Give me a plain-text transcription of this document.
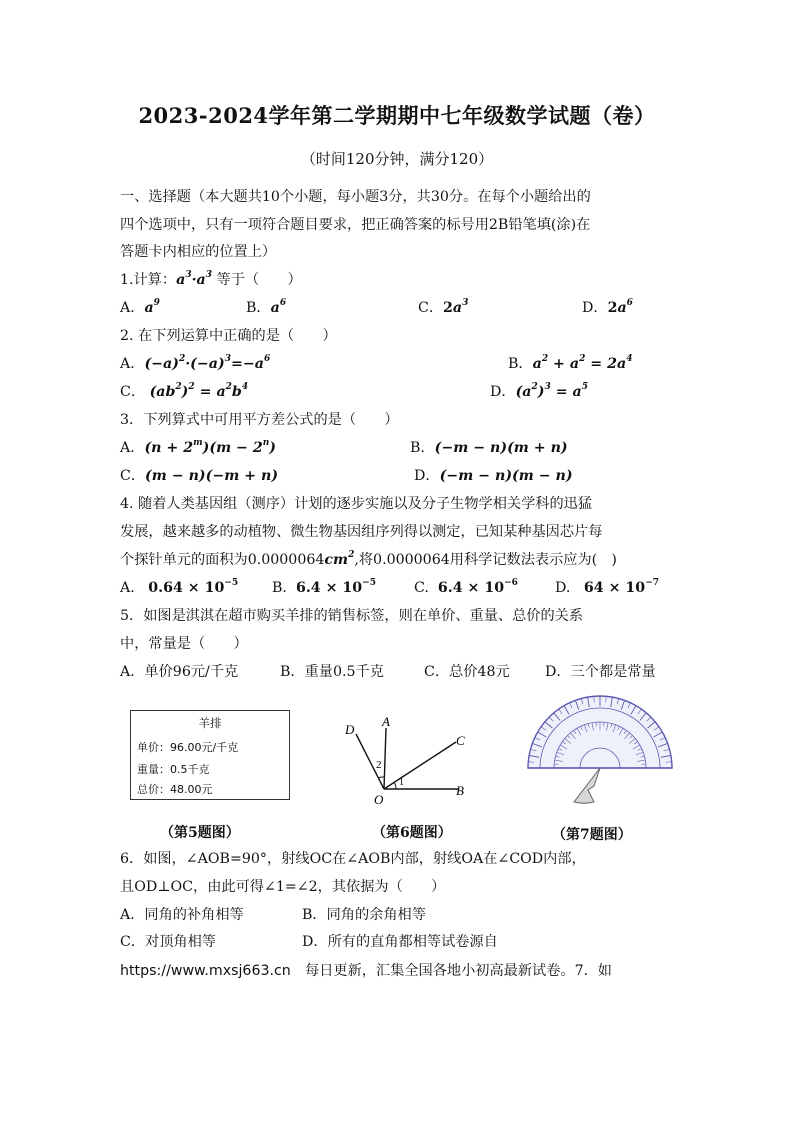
2023-2024学年第二学期期中七年级数学试题（卷）
（时间120分钟，满分120）
一、选择题（本大题共10个小题，每小题3分，共30分。在每个小题给出的
四个选项中，只有一项符合题目要求，把正确答案的标号用2B铅笔填(涂)在
答题卡内相应的位置上）
1.计算：$a^3\cdot a^3$ 等于（　　）
A．$a^9$	B．$a^6$	C．$2a^3$	D．$2a^6$
2. 在下列运算中正确的是（　　）
A．$(-a)^2\cdot(-a)^3=-a^6$	B．$a^2 + a^2 = 2a^4$
C． $(ab^2)^2 = a^2b^4$	D．$(a^2)^3 = a^5$
3．下列算式中可用平方差公式的是（　　）
A．$(n + 2^m)(m - 2^n)$	B．(−m − n)(m + n)
C．(m − n)(−m + n)	D．(−m − n)(m − n)
4. 随着人类基因组（测序）计划的逐步实施以及分子生物学相关学科的迅猛
发展，越来越多的动植物、微生物基因组序列得以测定，已知某种基因芯片每
个探针单元的面积为$0.0000064cm^2$,将0.0000064用科学记数法表示应为(　)
A. $0.64 \times 10^{-5}$ B. $6.4 \times 10^{-5}$	C. $6.4 \times 10^{-6}$	D. $64 \times 10^{-7}$
5．如图是淇淇在超市购买羊排的销售标签，则在单价、重量、总价的关系
中，常量是（　　）
A．单价96元/千克	B．重量0.5千克	C．总价48元 D．三个都是常量
羊排
单价：96.00元/千克
重量：0.5千克
总价：48.00元
D
A
C
O
B
2
1
（第5题图）	（第6题图）	（第7题图）
6．如图，∠AOB=90°，射线OC在∠AOB内部，射线OA在∠COD内部，
且OD⊥OC，由此可得∠1=∠2，其依据为（　　）
A．同角的补角相等	B．同角的余角相等
C．对顶角相等	D．所有的直角都相等试卷源自
https://www.mxsj663.cn　每日更新，汇集全国各地小初高最新试卷。7．如
